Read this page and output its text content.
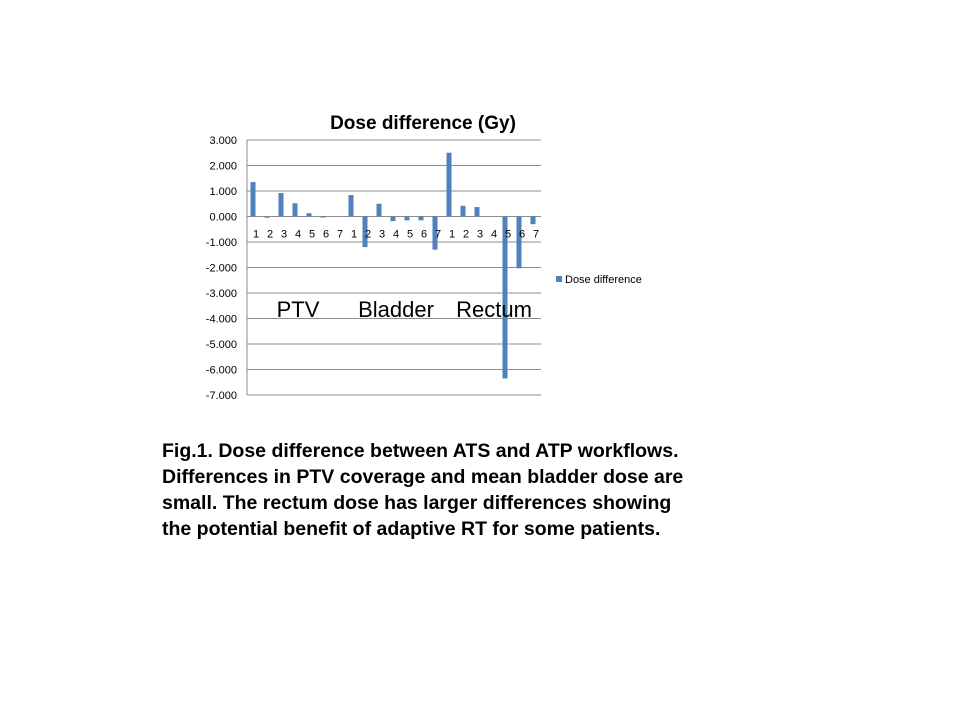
Dose difference (Gy)
3.000
2.000
1.000
0.000
-1.000
-2.000
-3.000
-4.000
-5.000
-6.000
-7.000
1 2 3 4 5 6 7 1 2 3 4 5 6 7 1 2 3 4 5 6 7
PTV Bladder Rectum
Dose difference
Fig.1. Dose difference between ATS and ATP workflows.
Differences in PTV coverage and mean bladder dose are
small. The rectum dose has larger differences showing
the potential benefit of adaptive RT for some patients.
